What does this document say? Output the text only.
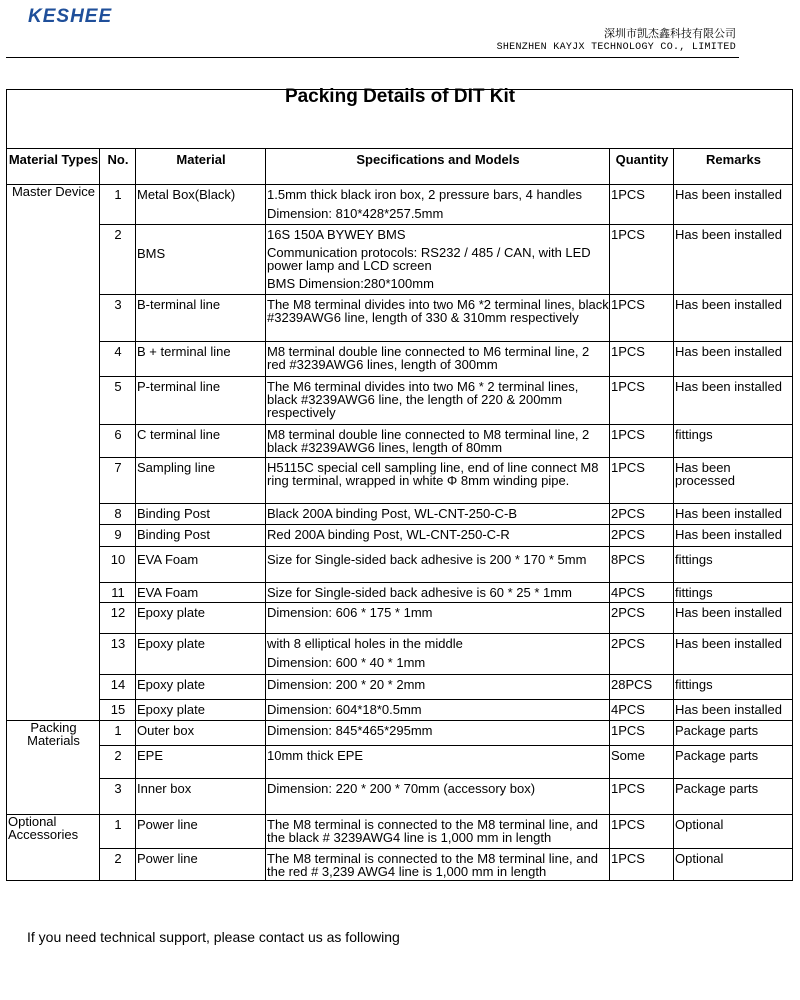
KESHEE
深圳市凯杰鑫科技有限公司
SHENZHEN KAYJX TECHNOLOGY CO., LIMITED
Packing Details of DIT Kit					
Material Types	No.	Material	Specifications and Models	Quantity	Remarks
Master Device	1	Metal Box(Black)	1.5mm thick black iron box, 2 pressure bars, 4 handles
Dimension: 810*428*257.5mm	1PCS	Has been installed
	2	BMS	16S 150A BYWEY BMS
Communication protocols: RS232 / 485 / CAN, with LED power lamp and LCD screen
BMS Dimension:280*100mm	1PCS	Has been installed
	3	B-terminal line	The M8 terminal divides into two M6 *2 terminal lines, black #3239AWG6 line, length of 330 & 310mm respectively	1PCS	Has been installed
	4	B + terminal line	M8 terminal double line connected to M6 terminal line, 2 red #3239AWG6 lines, length of 300mm	1PCS	Has been installed
	5	P-terminal line	The M6 terminal divides into two M6 * 2 terminal lines, black #3239AWG6 line, the length of 220 & 200mm respectively	1PCS	Has been installed
	6	C terminal line	M8 terminal double line connected to M8 terminal line, 2 black #3239AWG6 lines, length of 80mm	1PCS	fittings
	7	Sampling line	H5115C special cell sampling line, end of line connect M8 ring terminal, wrapped in white Φ 8mm winding pipe.	1PCS	Has been processed
	8	Binding Post	Black 200A binding Post, WL-CNT-250-C-B	2PCS	Has been installed
	9	Binding Post	Red 200A binding Post, WL-CNT-250-C-R	2PCS	Has been installed
	10	EVA Foam	Size for Single-sided back adhesive is 200 * 170 * 5mm	8PCS	fittings
	11	EVA Foam	Size for Single-sided back adhesive is 60 * 25 * 1mm	4PCS	fittings
	12	Epoxy plate	Dimension: 606 * 175 * 1mm	2PCS	Has been installed
	13	Epoxy plate	with 8 elliptical holes in the middle
Dimension: 600 * 40 * 1mm	2PCS	Has been installed
	14	Epoxy plate	Dimension: 200 * 20 * 2mm	28PCS	fittings
	15	Epoxy plate	Dimension: 604*18*0.5mm	4PCS	Has been installed
Packing Materials	1	Outer box	Dimension: 845*465*295mm	1PCS	Package parts
	2	EPE	10mm thick EPE	Some	Package parts
	3	Inner box	Dimension: 220 * 200 * 70mm (accessory box)	1PCS	Package parts
Optional Accessories	1	Power line	The M8 terminal is connected to the M8 terminal line, and the black # 3239AWG4 line is 1,000 mm in length	1PCS	Optional
	2	Power line	The M8 terminal is connected to the M8 terminal line, and the red # 3,239 AWG4 line is 1,000 mm in length	1PCS	Optional
If you need technical support, please contact us as following
